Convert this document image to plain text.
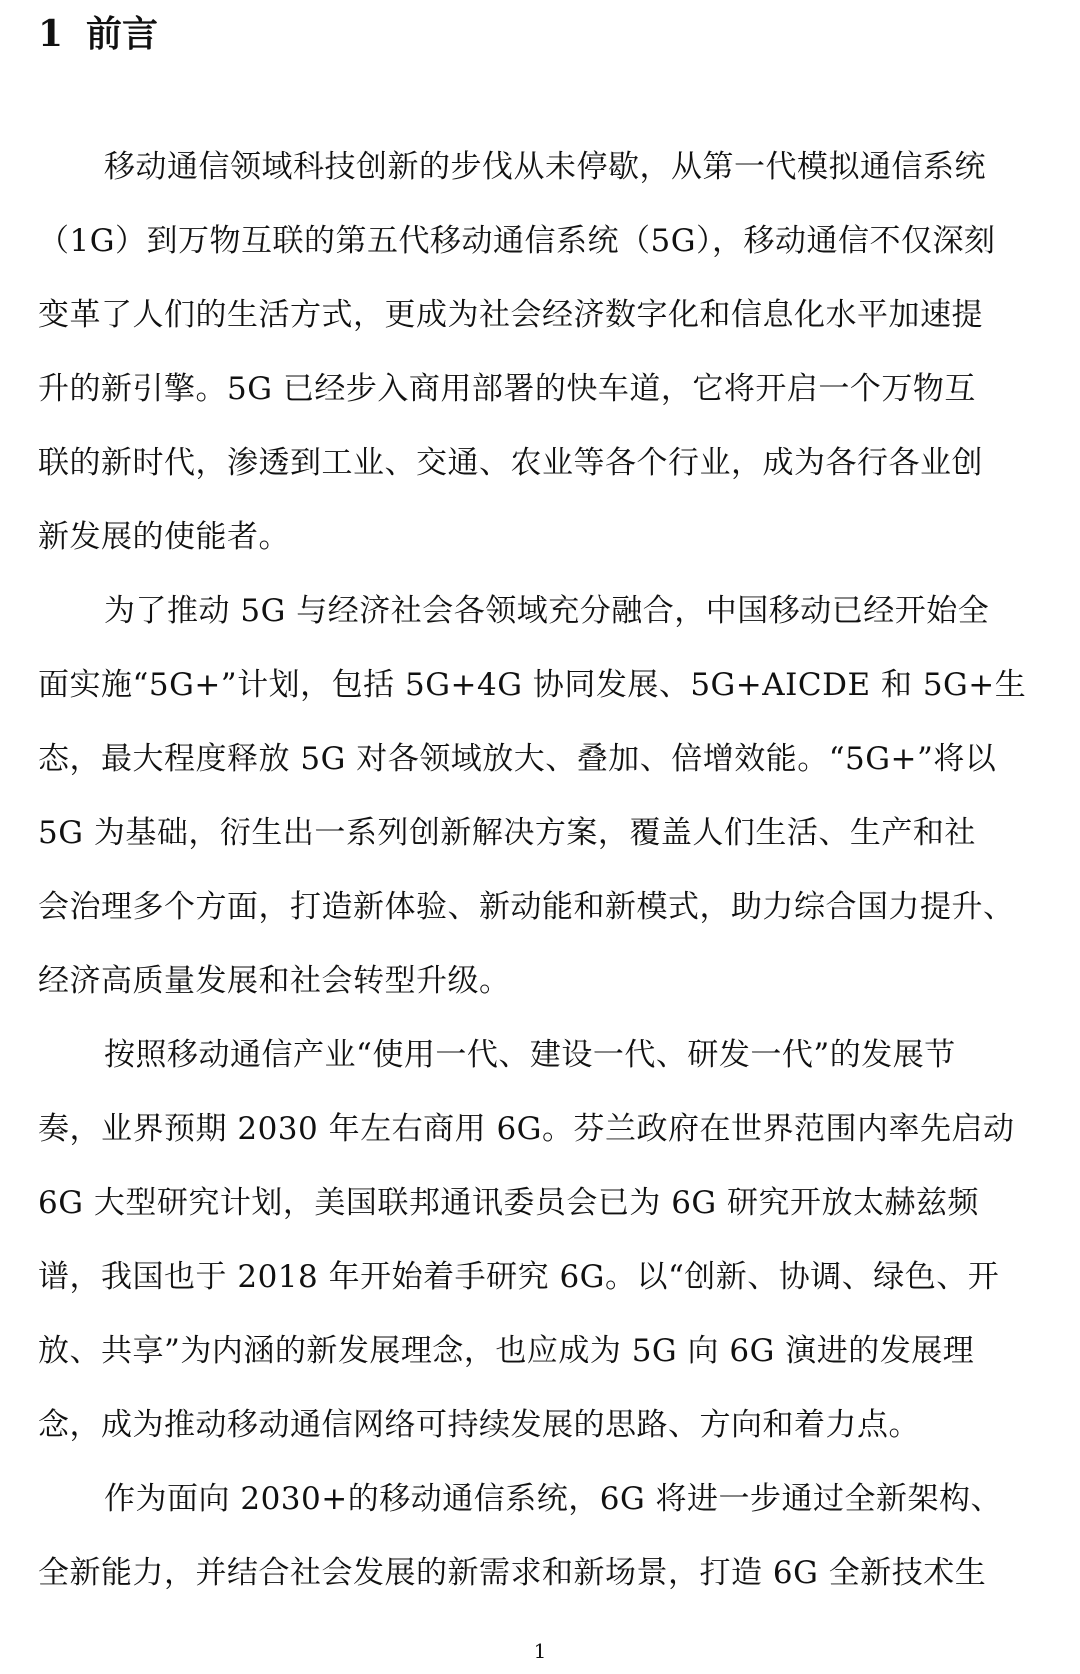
1 前言

移动通信领域科技创新的步伐从未停歇，从第一代模拟通信系统
（1G）到万物互联的第五代移动通信系统（5G），移动通信不仅深刻
变革了人们的生活方式，更成为社会经济数字化和信息化水平加速提
升的新引擎。5G 已经步入商用部署的快车道，它将开启一个万物互
联的新时代，渗透到工业、交通、农业等各个行业，成为各行各业创
新发展的使能者。

为了推动 5G 与经济社会各领域充分融合，中国移动已经开始全
面实施“5G+”计划，包括 5G+4G 协同发展、5G+AICDE 和 5G+生
态，最大程度释放 5G 对各领域放大、叠加、倍增效能。“5G+”将以
5G 为基础，衍生出一系列创新解决方案，覆盖人们生活、生产和社
会治理多个方面，打造新体验、新动能和新模式，助力综合国力提升、
经济高质量发展和社会转型升级。

按照移动通信产业“使用一代、建设一代、研发一代”的发展节
奏，业界预期 2030 年左右商用 6G。芬兰政府在世界范围内率先启动
6G 大型研究计划，美国联邦通讯委员会已为 6G 研究开放太赫兹频
谱，我国也于 2018 年开始着手研究 6G。以“创新、协调、绿色、开
放、共享”为内涵的新发展理念，也应成为 5G 向 6G 演进的发展理
念，成为推动移动通信网络可持续发展的思路、方向和着力点。

作为面向 2030+的移动通信系统，6G 将进一步通过全新架构、
全新能力，并结合社会发展的新需求和新场景，打造 6G 全新技术生

1
